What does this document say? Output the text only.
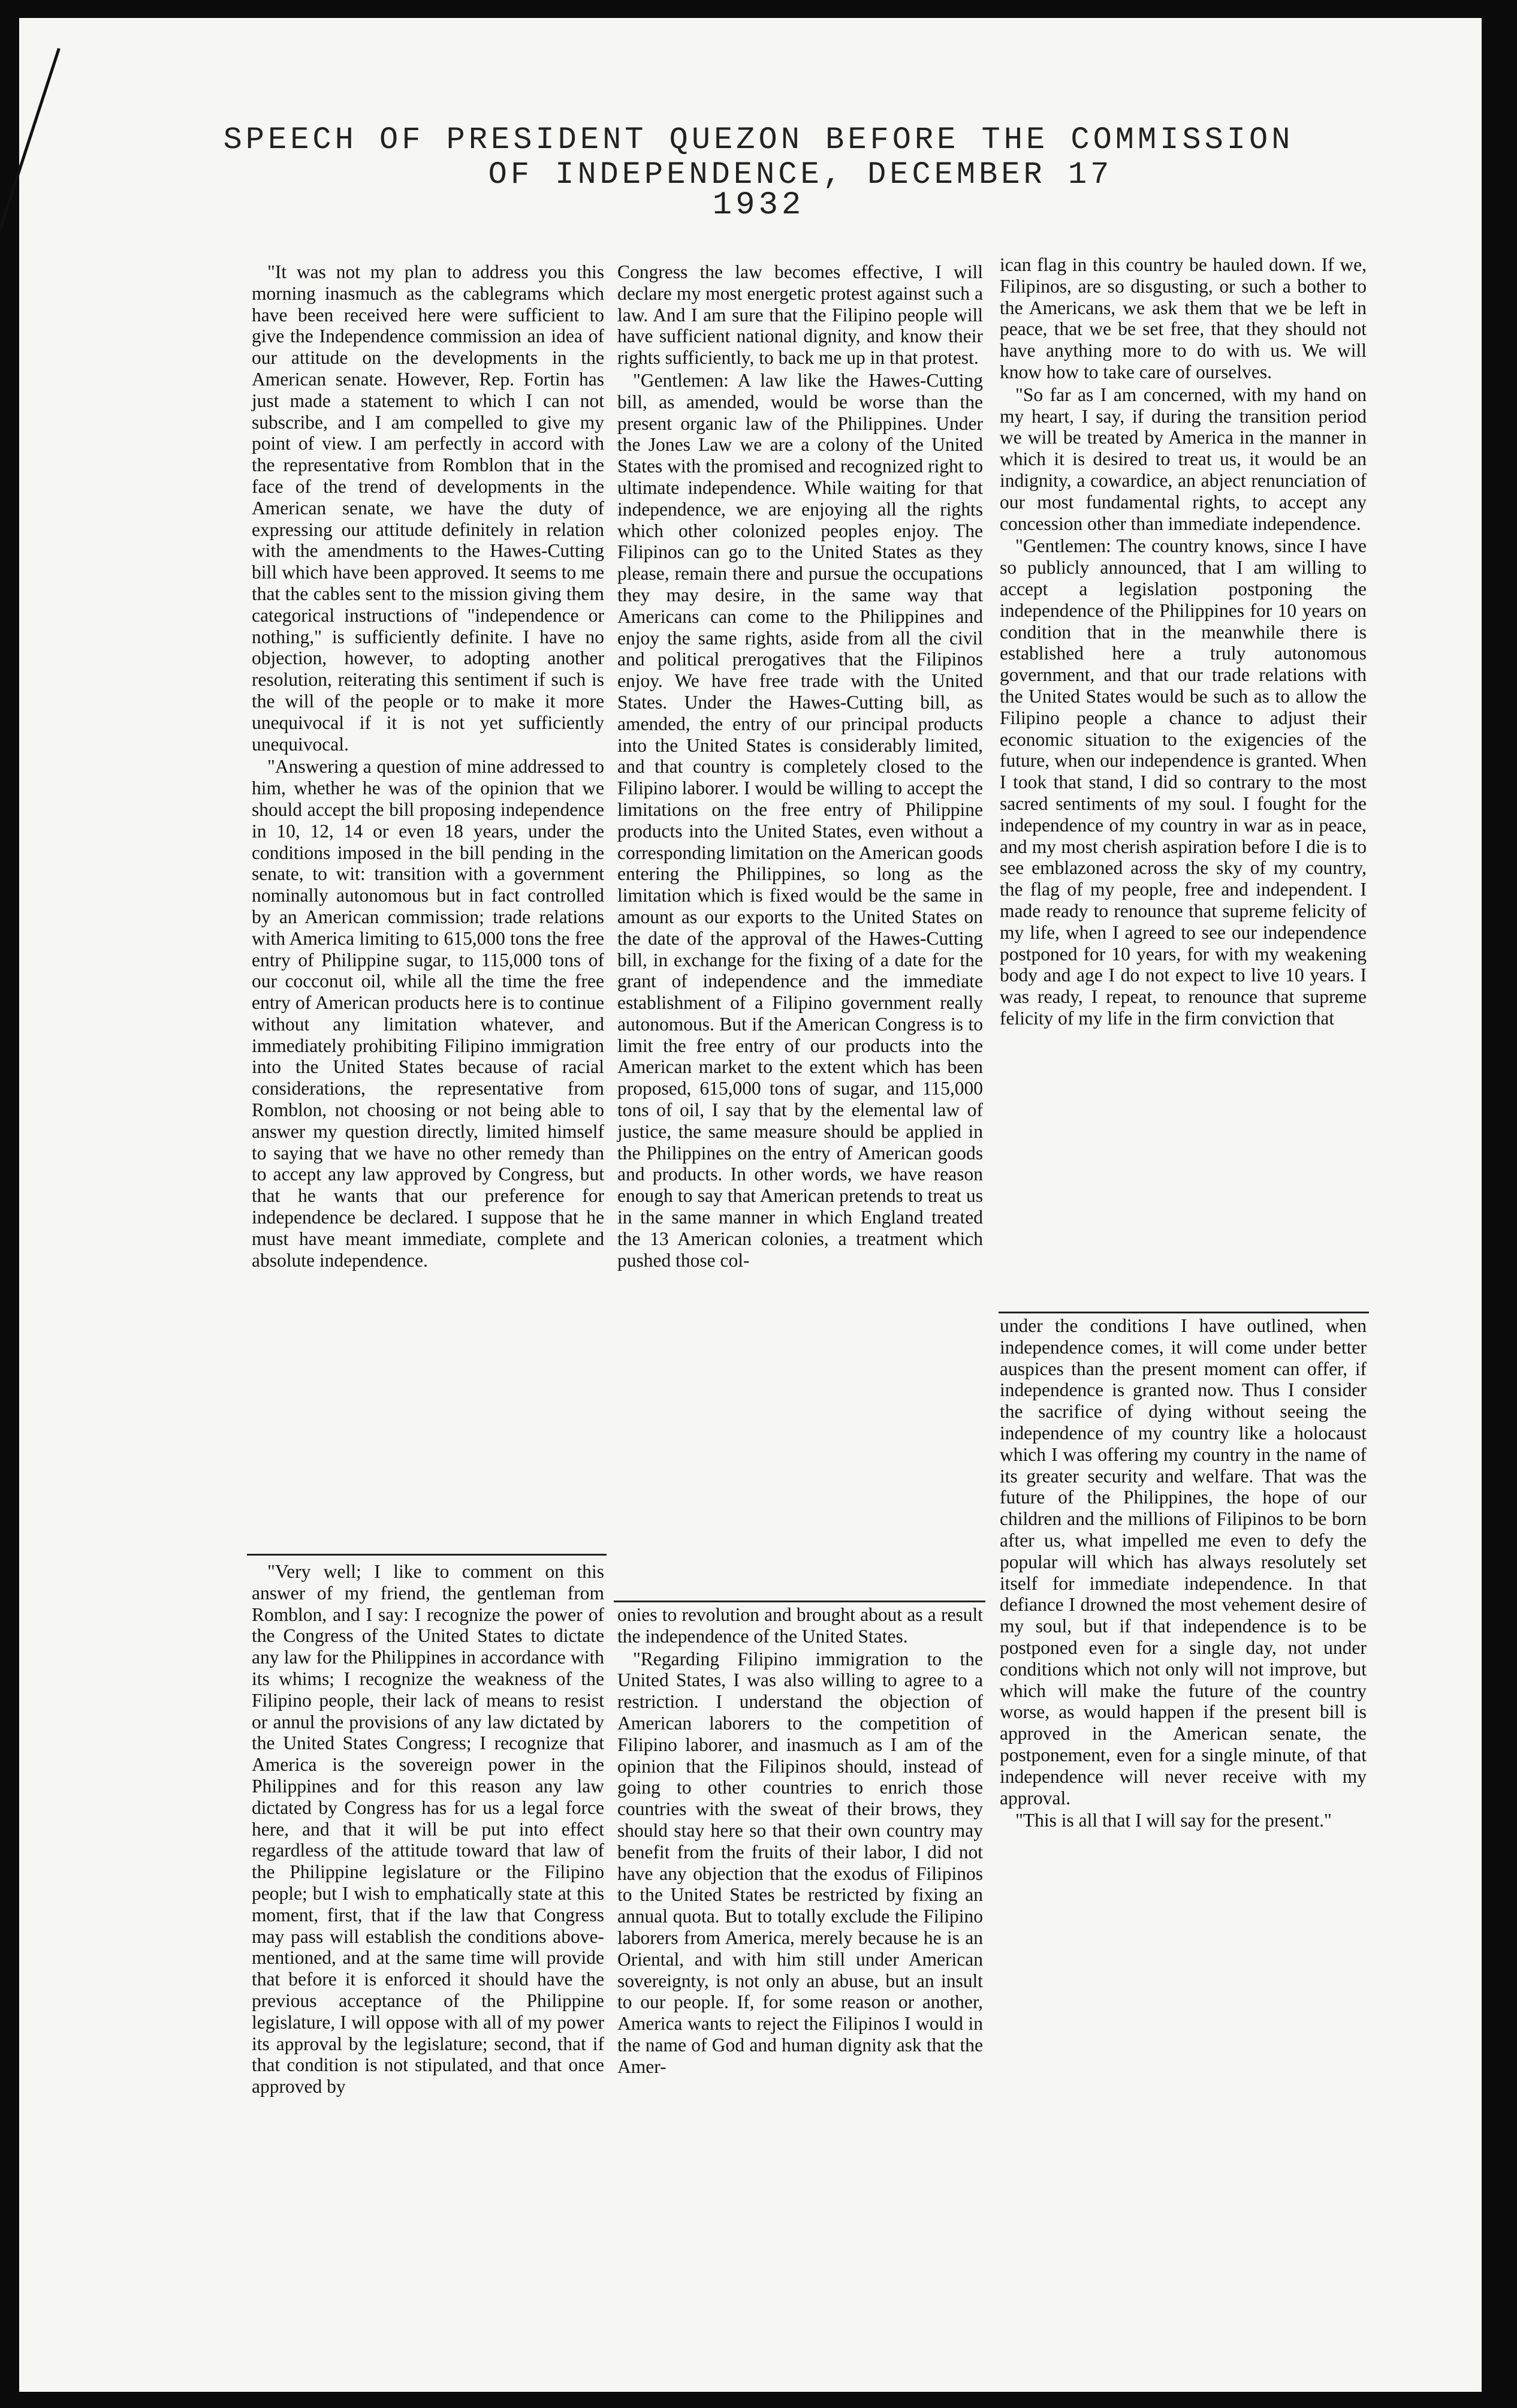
SPEECH OF PRESIDENT QUEZON BEFORE THE COMMISSION
OF INDEPENDENCE, DECEMBER 17
1932

"It was not my plan to address you this morning inasmuch as the cablegrams which have been received here were sufficient to give the Independence commission an idea of our attitude on the developments in the American senate. However, Rep. Fortin has just made a statement to which I can not subscribe, and I am compelled to give my point of view. I am perfectly in accord with the representative from Romblon that in the face of the trend of developments in the American senate, we have the duty of expressing our attitude definitely in relation with the amendments to the Hawes-Cutting bill which have been approved. It seems to me that the cables sent to the mission giving them categorical instructions of "independence or nothing," is sufficiently definite. I have no objection, however, to adopting another resolution, reiterating this sentiment if such is the will of the people or to make it more unequivocal if it is not yet sufficiently unequivocal.

"Answering a question of mine addressed to him, whether he was of the opinion that we should accept the bill proposing independence in 10, 12, 14 or even 18 years, under the conditions imposed in the bill pending in the senate, to wit: transition with a government nominally autonomous but in fact controlled by an American commission; trade relations with America limiting to 615,000 tons the free entry of Philippine sugar, to 115,000 tons of our cocconut oil, while all the time the free entry of American products here is to continue without any limitation whatever, and immediately prohibiting Filipino immigration into the United States because of racial considerations, the representative from Romblon, not choosing or not being able to answer my question directly, limited himself to saying that we have no other remedy than to accept any law approved by Congress, but that he wants that our preference for independence be declared. I suppose that he must have meant immediate, complete and absolute independence.

"Very well; I like to comment on this answer of my friend, the gentleman from Romblon, and I say: I recognize the power of the Congress of the United States to dictate any law for the Philippines in accordance with its whims; I recognize the weakness of the Filipino people, their lack of means to resist or annul the provisions of any law dictated by the United States Congress; I recognize that America is the sovereign power in the Philippines and for this reason any law dictated by Congress has for us a legal force here, and that it will be put into effect regardless of the attitude toward that law of the Philippine legislature or the Filipino people; but I wish to emphatically state at this moment, first, that if the law that Congress may pass will establish the conditions above-mentioned, and at the same time will provide that before it is enforced it should have the previous acceptance of the Philippine legislature, I will oppose with all of my power its approval by the legislature; second, that if that condition is not stipulated, and that once approved by

Congress the law becomes effective, I will declare my most energetic protest against such a law. And I am sure that the Filipino people will have sufficient national dignity, and know their rights sufficiently, to back me up in that protest.

"Gentlemen: A law like the Hawes-Cutting bill, as amended, would be worse than the present organic law of the Philippines. Under the Jones Law we are a colony of the United States with the promised and recognized right to ultimate independence. While waiting for that independence, we are enjoying all the rights which other colonized peoples enjoy. The Filipinos can go to the United States as they please, remain there and pursue the occupations they may desire, in the same way that Americans can come to the Philippines and enjoy the same rights, aside from all the civil and political prerogatives that the Filipinos enjoy. We have free trade with the United States. Under the Hawes-Cutting bill, as amended, the entry of our principal products into the United States is considerably limited, and that country is completely closed to the Filipino laborer. I would be willing to accept the limitations on the free entry of Philippine products into the United States, even without a corresponding limitation on the American goods entering the Philippines, so long as the limitation which is fixed would be the same in amount as our exports to the United States on the date of the approval of the Hawes-Cutting bill, in exchange for the fixing of a date for the grant of independence and the immediate establishment of a Filipino government really autonomous. But if the American Congress is to limit the free entry of our products into the American market to the extent which has been proposed, 615,000 tons of sugar, and 115,000 tons of oil, I say that by the elemental law of justice, the same measure should be applied in the Philippines on the entry of American goods and products. In other words, we have reason enough to say that American pretends to treat us in the same manner in which England treated the 13 American colonies, a treatment which pushed those col-

onies to revolution and brought about as a result the independence of the United States.

"Regarding Filipino immigration to the United States, I was also willing to agree to a restriction. I understand the objection of American laborers to the competition of Filipino laborer, and inasmuch as I am of the opinion that the Filipinos should, instead of going to other countries to enrich those countries with the sweat of their brows, they should stay here so that their own country may benefit from the fruits of their labor, I did not have any objection that the exodus of Filipinos to the United States be restricted by fixing an annual quota. But to totally exclude the Filipino laborers from America, merely because he is an Oriental, and with him still under American sovereignty, is not only an abuse, but an insult to our people. If, for some reason or another, America wants to reject the Filipinos I would in the name of God and human dignity ask that the Amer-

ican flag in this country be hauled down. If we, Filipinos, are so disgusting, or such a bother to the Americans, we ask them that we be left in peace, that we be set free, that they should not have anything more to do with us. We will know how to take care of ourselves.

"So far as I am concerned, with my hand on my heart, I say, if during the transition period we will be treated by America in the manner in which it is desired to treat us, it would be an indignity, a cowardice, an abject renunciation of our most fundamental rights, to accept any concession other than immediate independence.

"Gentlemen: The country knows, since I have so publicly announced, that I am willing to accept a legislation postponing the independence of the Philippines for 10 years on condition that in the meanwhile there is established here a truly autonomous government, and that our trade relations with the United States would be such as to allow the Filipino people a chance to adjust their economic situation to the exigencies of the future, when our independence is granted. When I took that stand, I did so contrary to the most sacred sentiments of my soul. I fought for the independence of my country in war as in peace, and my most cherish aspiration before I die is to see emblazoned across the sky of my country, the flag of my people, free and independent. I made ready to renounce that supreme felicity of my life, when I agreed to see our independence postponed for 10 years, for with my weakening body and age I do not expect to live 10 years. I was ready, I repeat, to renounce that supreme felicity of my life in the firm conviction that

under the conditions I have outlined, when independence comes, it will come under better auspices than the present moment can offer, if independence is granted now. Thus I consider the sacrifice of dying without seeing the independence of my country like a holocaust which I was offering my country in the name of its greater security and welfare. That was the future of the Philippines, the hope of our children and the millions of Filipinos to be born after us, what impelled me even to defy the popular will which has always resolutely set itself for immediate independence. In that defiance I drowned the most vehement desire of my soul, but if that independence is to be postponed even for a single day, not under conditions which not only will not improve, but which will make the future of the country worse, as would happen if the present bill is approved in the American senate, the postponement, even for a single minute, of that independence will never receive with my approval.

"This is all that I will say for the present."
